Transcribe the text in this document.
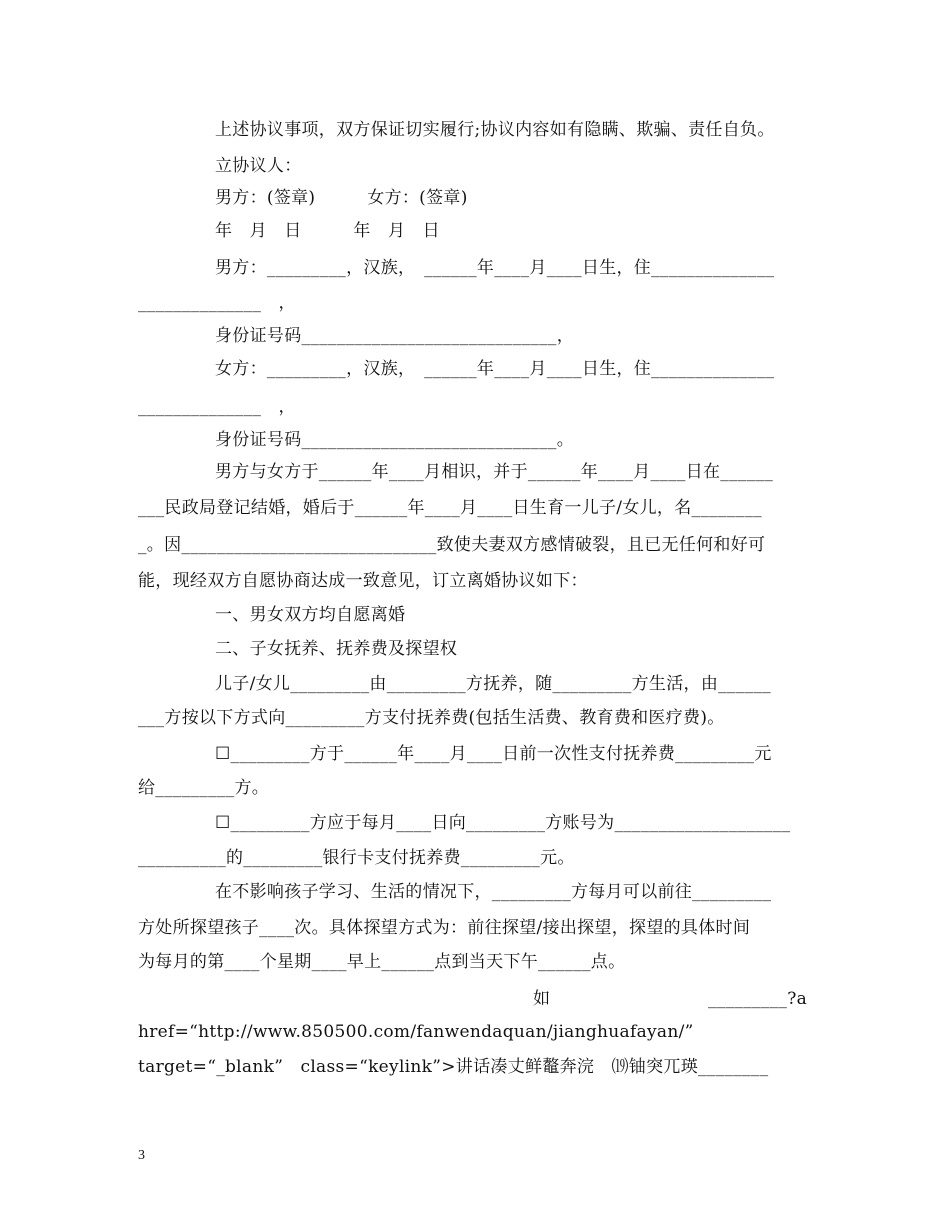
上述协议事项，双方保证切实履行;协议内容如有隐瞒、欺骗、责任自负。
立协议人：
男方：(签章)　　　女方：(签章)
年　月　日　　　年　月　日
男方：_________，汉族，　______年____月____日生，住______________
______________　，
身份证号码_____________________________，
女方：_________，汉族，　______年____月____日生，住______________
______________　，
身份证号码_____________________________。
男方与女方于______年____月相识，并于______年____月____日在______
___民政局登记结婚，婚后于______年____月____日生育一儿子/女儿，名________
_。因_____________________________致使夫妻双方感情破裂，且已无任何和好可
能，现经双方自愿协商达成一致意见，订立离婚协议如下：
一、男女双方均自愿离婚
二、子女抚养、抚养费及探望权
儿子/女儿_________由_________方抚养，随_________方生活，由______
___方按以下方式向_________方支付抚养费(包括生活费、教育费和医疗费)。
☐_________方于______年____月____日前一次性支付抚养费_________元
给_________方。
☐_________方应于每月____日向_________方账号为____________________
__________的_________银行卡支付抚养费_________元。
在不影响孩子学习、生活的情况下，_________方每月可以前往_________
方处所探望孩子____次。具体探望方式为：前往探望/接出探望，探望的具体时间
为每月的第____个星期____早上______点到当天下午______点。
如	_________?a
href=“http://www.850500.com/fanwendaquan/jianghuafayan/”
target=“_blank”　class=“keylink”>讲话凑丈鲜鼇奔浣　⒆铀突兀瑛________
3
